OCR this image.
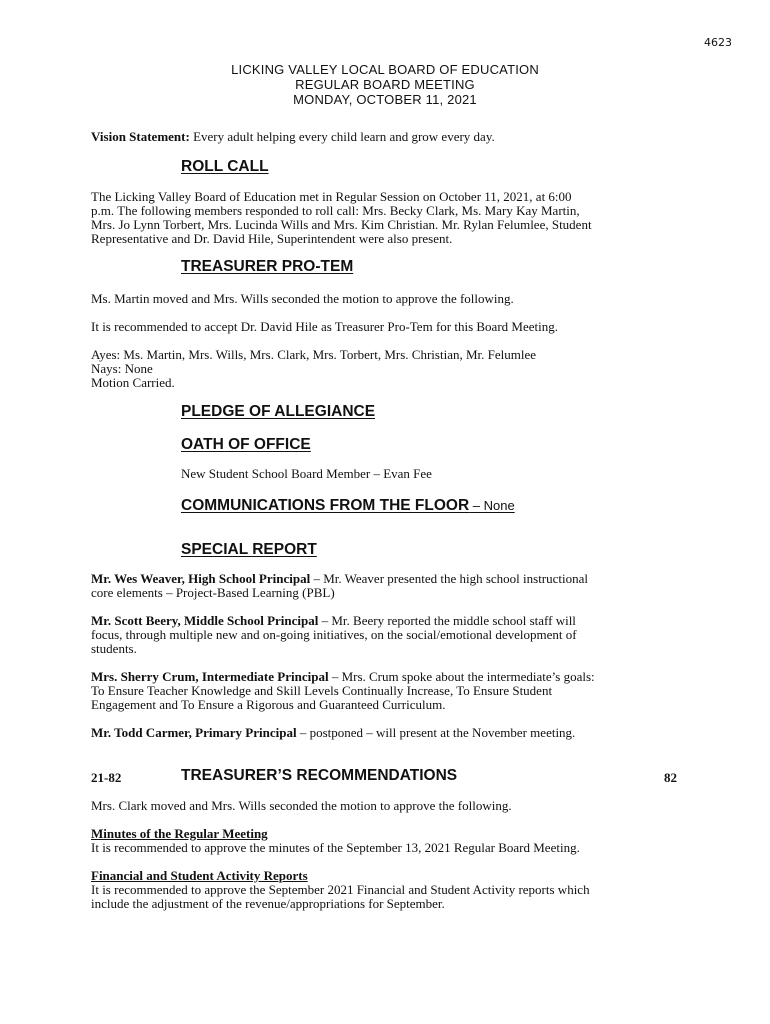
4623
LICKING VALLEY LOCAL BOARD OF EDUCATION
REGULAR BOARD MEETING
MONDAY, OCTOBER 11, 2021
Vision Statement: Every adult helping every child learn and grow every day.
ROLL CALL
The Licking Valley Board of Education met in Regular Session on October 11, 2021, at 6:00
p.m. The following members responded to roll call: Mrs. Becky Clark, Ms. Mary Kay Martin,
Mrs. Jo Lynn Torbert, Mrs. Lucinda Wills and Mrs. Kim Christian. Mr. Rylan Felumlee, Student
Representative and Dr. David Hile, Superintendent were also present.
TREASURER PRO-TEM
Ms. Martin moved and Mrs. Wills seconded the motion to approve the following.
It is recommended to accept Dr. David Hile as Treasurer Pro-Tem for this Board Meeting.
Ayes: Ms. Martin, Mrs. Wills, Mrs. Clark, Mrs. Torbert, Mrs. Christian, Mr. Felumlee
Nays: None
Motion Carried.
PLEDGE OF ALLEGIANCE
OATH OF OFFICE
New Student School Board Member – Evan Fee
COMMUNICATIONS FROM THE FLOOR – None
SPECIAL REPORT
Mr. Wes Weaver, High School Principal – Mr. Weaver presented the high school instructional
core elements – Project-Based Learning (PBL)
Mr. Scott Beery, Middle School Principal – Mr. Beery reported the middle school staff will
focus, through multiple new and on-going initiatives, on the social/emotional development of
students.
Mrs. Sherry Crum, Intermediate Principal – Mrs. Crum spoke about the intermediate’s goals:
To Ensure Teacher Knowledge and Skill Levels Continually Increase, To Ensure Student
Engagement and To Ensure a Rigorous and Guaranteed Curriculum.
Mr. Todd Carmer, Primary Principal – postponed – will present at the November meeting.
21-82	TREASURER’S RECOMMENDATIONS	82
Mrs. Clark moved and Mrs. Wills seconded the motion to approve the following.
Minutes of the Regular Meeting
It is recommended to approve the minutes of the September 13, 2021 Regular Board Meeting.
Financial and Student Activity Reports
It is recommended to approve the September 2021 Financial and Student Activity reports which
include the adjustment of the revenue/appropriations for September.
